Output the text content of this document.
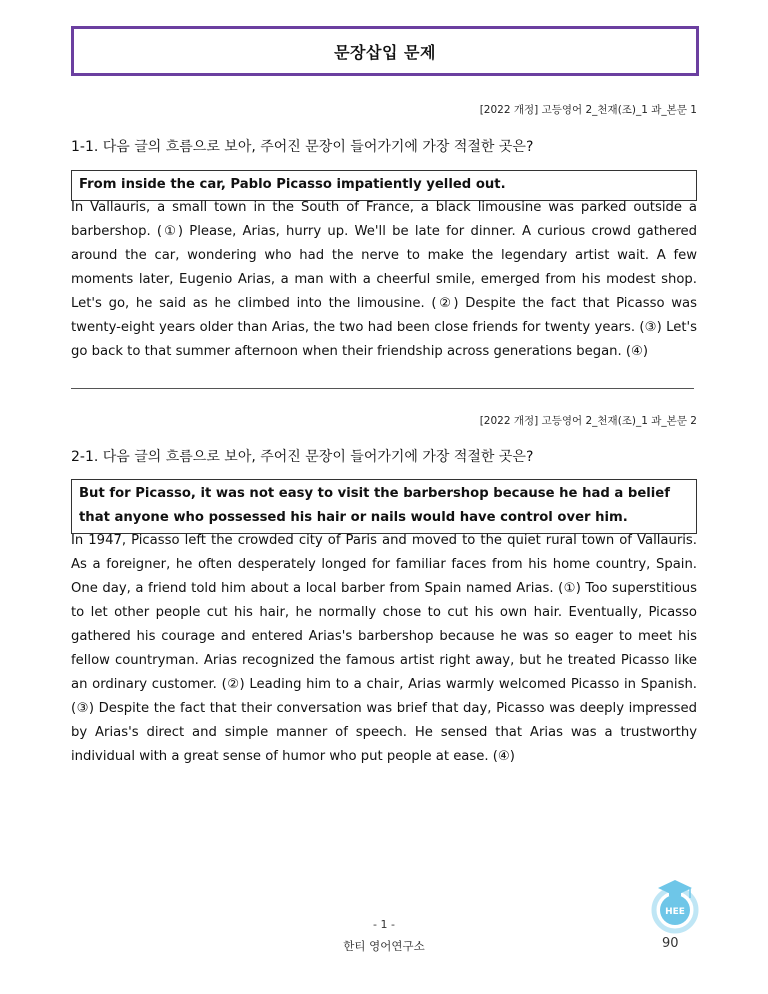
문장삽입 문제
[2022 개정] 고등영어 2_천재(조)_1 과_본문 1
1-1. 다음 글의 흐름으로 보아, 주어진 문장이 들어가기에 가장 적절한 곳은?
From inside the car, Pablo Picasso impatiently yelled out.

In Vallauris, a small town in the South of France, a black limousine was parked outside a barbershop. (①) Please, Arias, hurry up. We'll be late for dinner. A curious crowd gathered around the car, wondering who had the nerve to make the legendary artist wait. A few moments later, Eugenio Arias, a man with a cheerful smile, emerged from his modest shop. Let's go, he said as he climbed into the limousine. (②) Despite the fact that Picasso was twenty-eight years older than Arias, the two had been close friends for twenty years. (③) Let's go back to that summer afternoon when their friendship across generations began. (④)

[2022 개정] 고등영어 2_천재(조)_1 과_본문 2
2-1. 다음 글의 흐름으로 보아, 주어진 문장이 들어가기에 가장 적절한 곳은?
But for Picasso, it was not easy to visit the barbershop because he had a belief that anyone who possessed his hair or nails would have control over him.

In 1947, Picasso left the crowded city of Paris and moved to the quiet rural town of Vallauris. As a foreigner, he often desperately longed for familiar faces from his home country, Spain. One day, a friend told him about a local barber from Spain named Arias. (①) Too superstitious to let other people cut his hair, he normally chose to cut his own hair. Eventually, Picasso gathered his courage and entered Arias's barbershop because he was so eager to meet his fellow countryman. Arias recognized the famous artist right away, but he treated Picasso like an ordinary customer. (②) Leading him to a chair, Arias warmly welcomed Picasso in Spanish. (③) Despite the fact that their conversation was brief that day, Picasso was deeply impressed by Arias's direct and simple manner of speech. He sensed that Arias was a trustworthy individual with a great sense of humor who put people at ease. (④)

HEE
- 1 -
한티 영어연구소	90
